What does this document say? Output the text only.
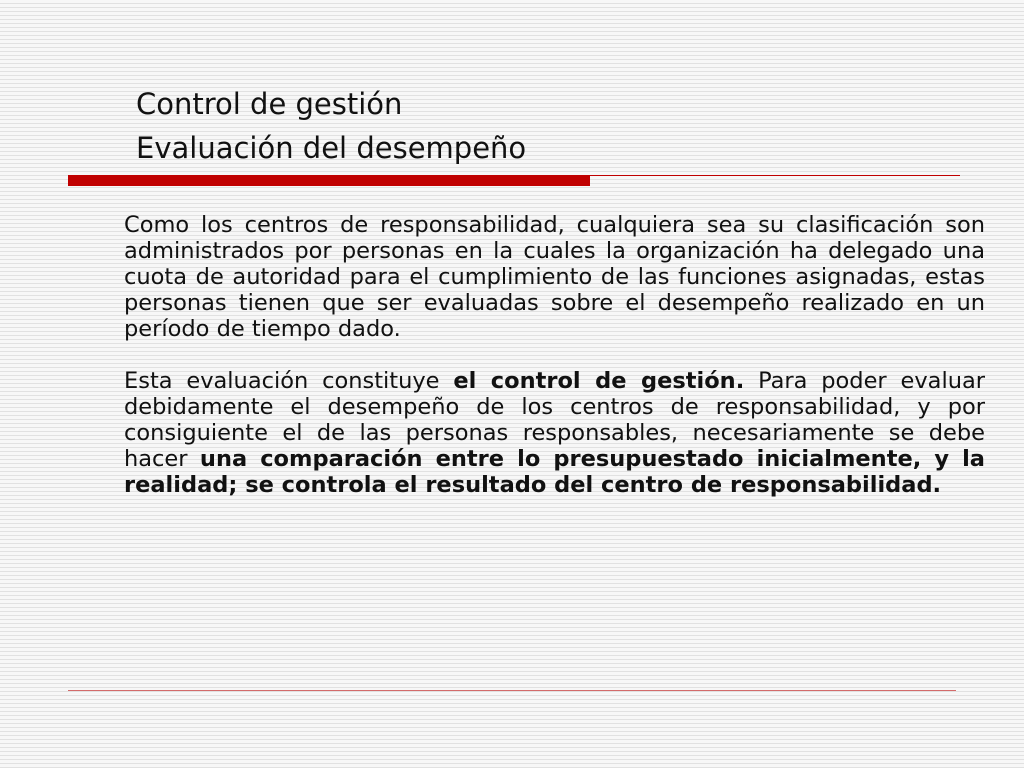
Control de gestión
Evaluación del desempeño

Como los centros de responsabilidad, cualquiera sea su clasificación son administrados por personas en la cuales la organización ha delegado una cuota de autoridad para el cumplimiento de las funciones asignadas, estas personas tienen que ser evaluadas sobre el desempeño realizado en un período de tiempo dado.

Esta evaluación constituye el control de gestión. Para poder evaluar debidamente el desempeño de los centros de responsabilidad, y por consiguiente el de las personas responsables, necesariamente se debe hacer una comparación entre lo presupuestado inicialmente, y la realidad; se controla el resultado del centro de responsabilidad.
